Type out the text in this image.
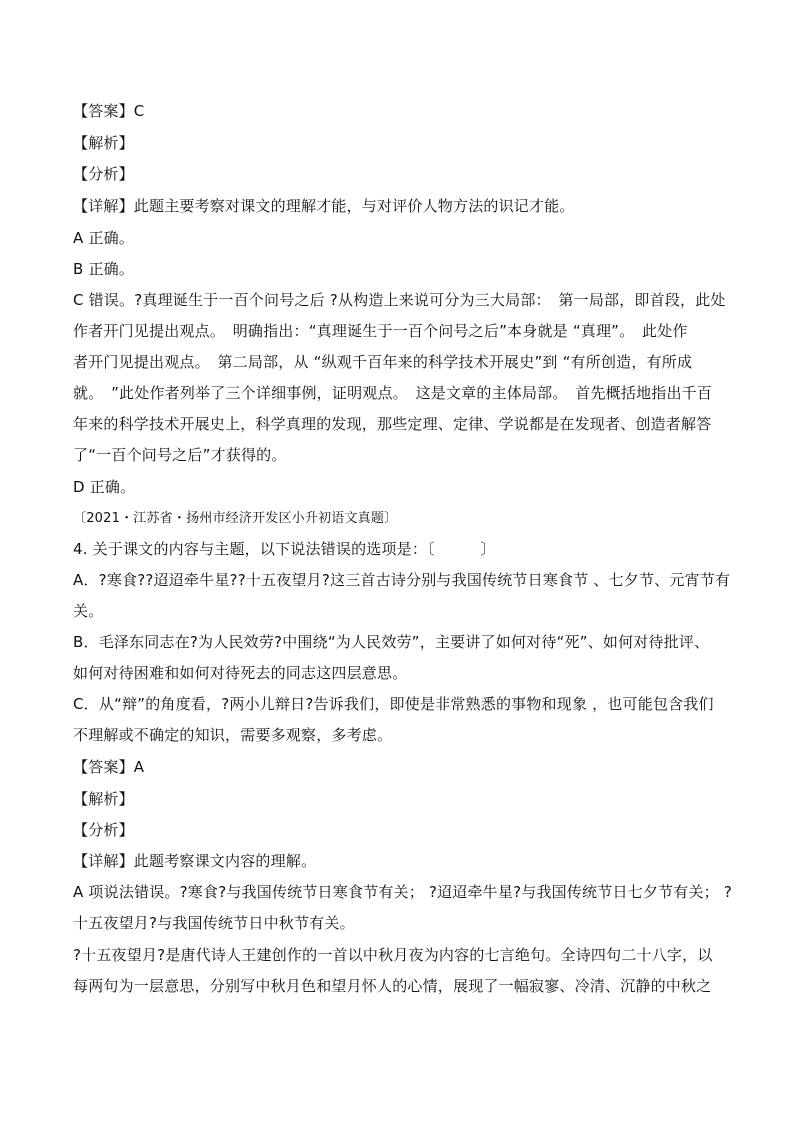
【答案】C
【解析】
【分析】
【详解】此题主要考察对课文的理解才能，与对评价人物方法的识记才能。
A 正确。
B 正确。
C 错误。?真理诞生于一百个问号之后 ?从构造上来说可分为三大局部：　第一局部，即首段，此处
作者开门见提出观点。　明确指出：“真理诞生于一百个问号之后”本身就是 “真理”。　此处作
者开门见提出观点。　第二局部，从 “纵观千百年来的科学技术开展史”到 “有所创造，有所成
就。　”此处作者列举了三个详细事例，证明观点。　这是文章的主体局部。　首先概括地指出千百
年来的科学技术开展史上，科学真理的发现，那些定理、定律、学说都是在发现者、创造者解答
了“一百个问号之后”才获得的。
D 正确。
〔2021・江苏省・扬州市经济开发区小升初语文真题〕
4. 关于课文的内容与主题，以下说法错误的选项是：〔　　　〕
A．?寒食??迢迢牵牛星??十五夜望月?这三首古诗分别与我国传统节日寒食节 、七夕节、元宵节有
关。
B．毛泽东同志在?为人民效劳?中围绕“为人民效劳”，主要讲了如何对待“死”、如何对待批评、
如何对待困难和如何对待死去的同志这四层意思。
C．从“辩”的角度看，?两小儿辩日?告诉我们，即使是非常熟悉的事物和现象 ，也可能包含我们
不理解或不确定的知识，需要多观察，多考虑。
【答案】A
【解析】
【分析】
【详解】此题考察课文内容的理解。
A 项说法错误。?寒食?与我国传统节日寒食节有关； ?迢迢牵牛星?与我国传统节日七夕节有关； ?
十五夜望月?与我国传统节日中秋节有关。
?十五夜望月?是唐代诗人王建创作的一首以中秋月夜为内容的七言绝句。全诗四句二十八字，以
每两句为一层意思，分别写中秋月色和望月怀人的心情，展现了一幅寂寥、冷清、沉静的中秋之
